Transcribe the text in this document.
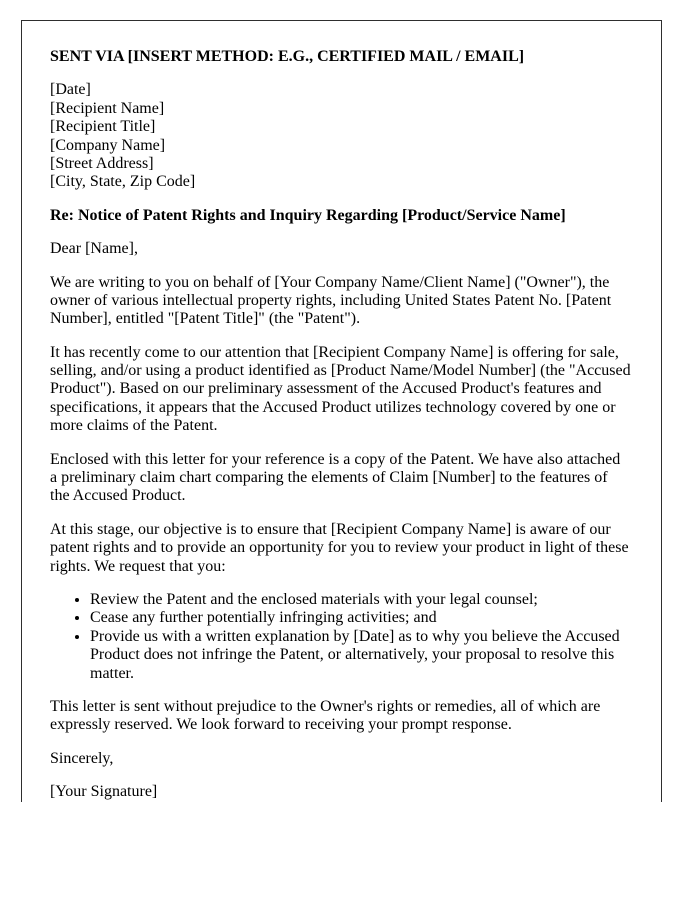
SENT VIA [INSERT METHOD: E.G., CERTIFIED MAIL / EMAIL]

[Date]
[Recipient Name]
[Recipient Title]
[Company Name]
[Street Address]
[City, State, Zip Code]

Re: Notice of Patent Rights and Inquiry Regarding [Product/Service Name]

Dear [Name],

We are writing to you on behalf of [Your Company Name/Client Name] ("Owner"), the owner of various intellectual property rights, including United States Patent No. [Patent Number], entitled "[Patent Title]" (the "Patent").

It has recently come to our attention that [Recipient Company Name] is offering for sale, selling, and/or using a product identified as [Product Name/Model Number] (the "Accused Product"). Based on our preliminary assessment of the Accused Product's features and specifications, it appears that the Accused Product utilizes technology covered by one or more claims of the Patent.

Enclosed with this letter for your reference is a copy of the Patent. We have also attached a preliminary claim chart comparing the elements of Claim [Number] to the features of the Accused Product.

At this stage, our objective is to ensure that [Recipient Company Name] is aware of our patent rights and to provide an opportunity for you to review your product in light of these rights. We request that you:

• Review the Patent and the enclosed materials with your legal counsel;
• Cease any further potentially infringing activities; and
• Provide us with a written explanation by [Date] as to why you believe the Accused Product does not infringe the Patent, or alternatively, your proposal to resolve this matter.

This letter is sent without prejudice to the Owner's rights or remedies, all of which are expressly reserved. We look forward to receiving your prompt response.

Sincerely,

[Your Signature]
